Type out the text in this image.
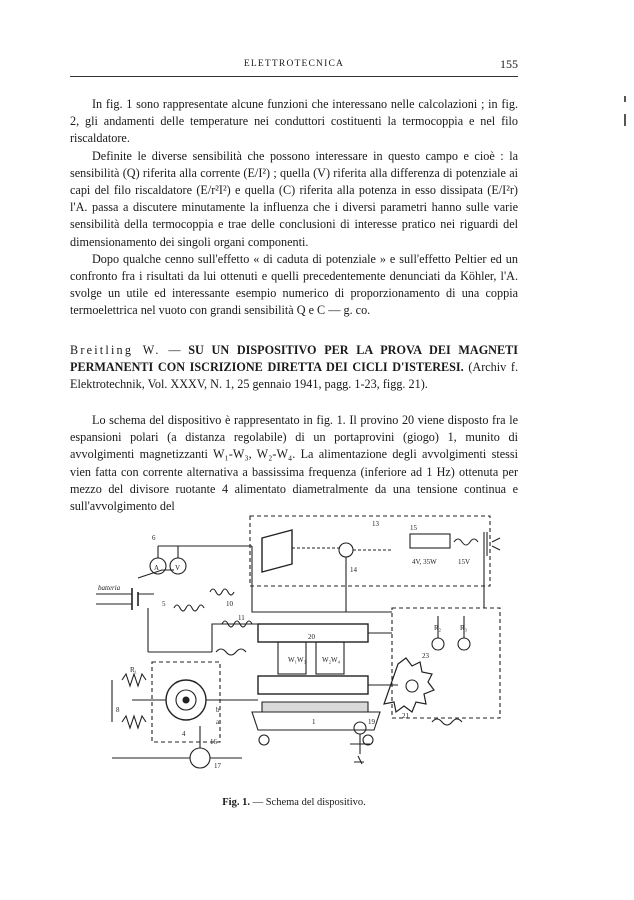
ELETTROTECNICA	155

In fig. 1 sono rappresentate alcune funzioni che interessano nelle calcolazioni ; in fig. 2, gli andamenti delle temperature nei conduttori costituenti la termocoppia e nel filo riscaldatore.

Definite le diverse sensibilità che possono interessare in questo campo e cioè : la sensibilità (Q) riferita alla corrente (E/I²) ; quella (V) riferita alla differenza di potenziale ai capi del filo riscaldatore (E/r²I²) e quella (C) riferita alla potenza in esso dissipata (E/I²r) l'A. passa a discutere minutamente la influenza che i diversi parametri hanno sulle varie sensibilità della termocoppia e trae delle conclusioni di interesse pratico nei riguardi del dimensionamento dei singoli organi componenti.

Dopo qualche cenno sull'effetto « di caduta di potenziale » e sull'effetto Peltier ed un confronto fra i risultati da lui ottenuti e quelli precedentemente denunciati da Köhler, l'A. svolge un utile ed interessante esempio numerico di proporzionamento di una coppia termoelettrica nel vuoto con grandi sensibilità Q e C — g. co.

Breitling W. — SU UN DISPOSITIVO PER LA PROVA DEI MAGNETI PERMANENTI CON ISCRIZIONE DIRETTA DEI CICLI D'ISTERESI. (Archiv f. Elektrotechnik, Vol. XXXV, N. 1, 25 gennaio 1941, pagg. 1-23, figg. 21).

Lo schema del dispositivo è rappresentato in fig. 1. Il provino 20 viene disposto fra le espansioni polari (a distanza regolabile) di un portaprovini (giogo) 1, munito di avvolgimenti magnetizzanti W₁-W₃, W₂-W₄. La alimentazione degli avvolgimenti stessi vien fatta con corrente alternativa a bassissima frequenza (inferiore ad 1 Hz) ottenuta per mezzo del divisore ruotante 4 alimentato diametralmente da una tensione continua e sull'avvolgimento del

batteria
13
14
15
4V, 35W	15V
A V
6
5	10
4
W₁W₃ W₂W₄
20
1
21
R₁
R₂	R₃
8
11
23
19
16
17
a
b
Fig. 1. — Schema del dispositivo.
